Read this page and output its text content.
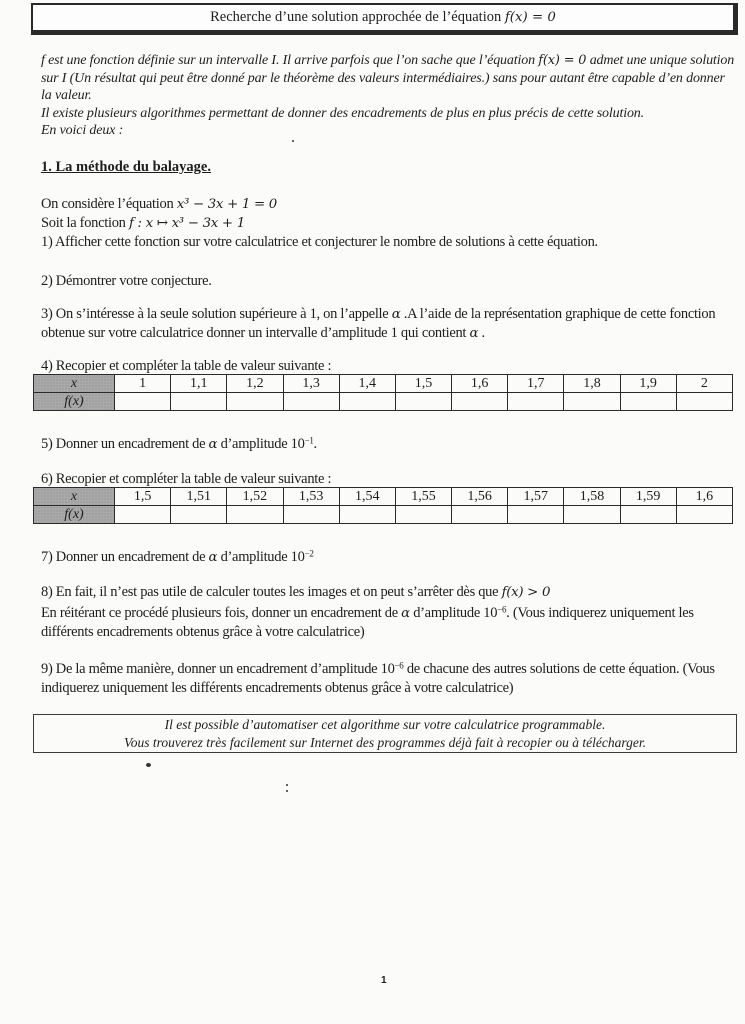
Recherche d’une solution approchée de l’équation f(x) = 0

f est une fonction définie sur un intervalle I. Il arrive parfois que l’on sache que l’équation f(x) = 0 admet une unique solution sur I (Un résultat qui peut être donné par le théorème des valeurs intermédiaires.) sans pour autant être capable d’en donner la valeur.

Il existe plusieurs algorithmes permettant de donner des encadrements de plus en plus précis de cette solution.

En voici deux :

1. La méthode du balayage.

On considère l’équation x³ − 3x + 1 = 0

Soit la fonction f : x ↦ x³ − 3x + 1

1) Afficher cette fonction sur votre calculatrice et conjecturer le nombre de solutions à cette équation.

2) Démontrer votre conjecture.
3) On s’intéresse à la seule solution supérieure à 1, on l’appelle α .A l’aide de la représentation graphique de cette fonction obtenue sur votre calculatrice donner un intervalle d’amplitude 1 qui contient α .
4) Recopier et compléter la table de valeur suivante :
x	1	1,1	1,2	1,3	1,4	1,5	1,6	1,7	1,8	1,9	2
f(x)											
5) Donner un encadrement de α d’amplitude $10^{-1}$.
6) Recopier et compléter la table de valeur suivante :
x	1,5	1,51	1,52	1,53	1,54	1,55	1,56	1,57	1,58	1,59	1,6
f(x)											
7) Donner un encadrement de α d’amplitude $10^{-2}$

8) En fait, il n’est pas utile de calculer toutes les images et on peut s’arrêter dès que f(x) > 0

En réitérant ce procédé plusieurs fois, donner un encadrement de α d’amplitude $10^{-6}$. (Vous indiquerez uniquement les différents encadrements obtenus grâce à votre calculatrice)

9) De la même manière, donner un encadrement d’amplitude $10^{-6}$ de chacune des autres solutions de cette équation. (Vous indiquerez uniquement les différents encadrements obtenus grâce à votre calculatrice)

Il est possible d’automatiser cet algorithme sur votre calculatrice programmable.

Vous trouverez très facilement sur Internet des programmes déjà fait à recopier ou à télécharger.

1
